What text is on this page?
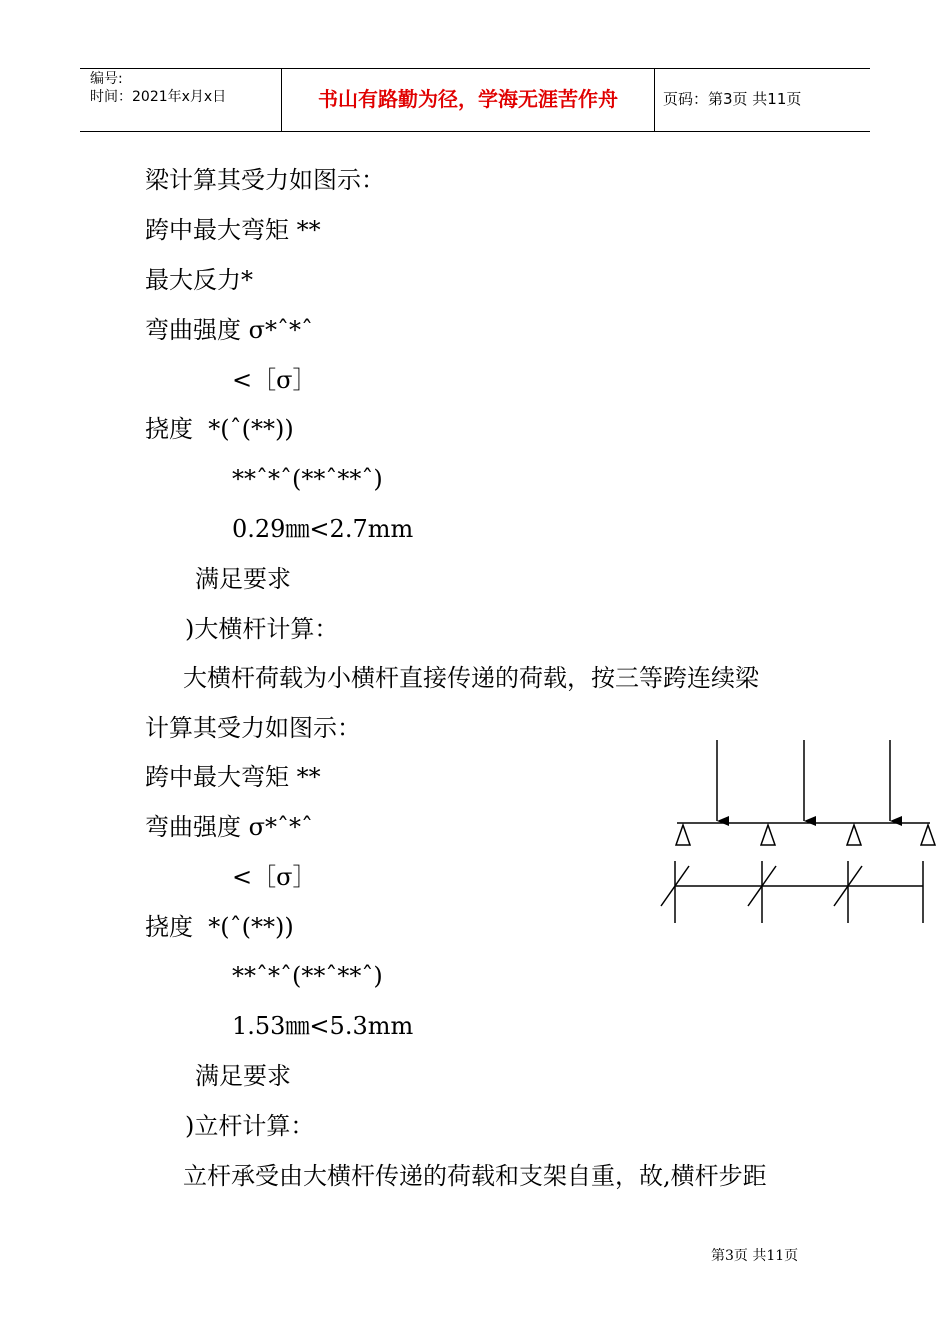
编号:
时间：2021年x月x日	书山有路勤为径，学海无涯苦作舟	页码：第3页 共11页
梁计算其受力如图示：
跨中最大弯矩 **
最大反力*
弯曲强度 σ*ˆ*ˆ
<［σ］
挠度  *(ˆ(**))
**ˆ*ˆ(**ˆ**ˆ)
0.29㎜<2.7mm
满足要求
)大横杆计算：
大横杆荷载为小横杆直接传递的荷载，按三等跨连续梁
计算其受力如图示：
跨中最大弯矩 **
弯曲强度 σ*ˆ*ˆ
<［σ］
挠度  *(ˆ(**))
**ˆ*ˆ(**ˆ**ˆ)
1.53㎜<5.3mm
满足要求
)立杆计算：
立杆承受由大横杆传递的荷载和支架自重，故,横杆步距
第3页 共11页
